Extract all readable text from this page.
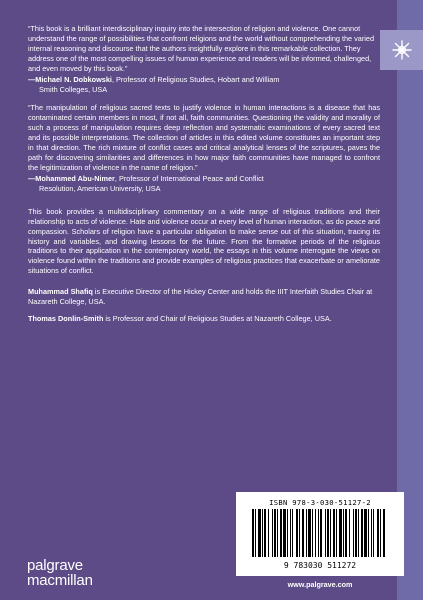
“This book is a brilliant interdisciplinary inquiry into the intersection of religion and violence. One cannot understand the range of possibilities that confront religions and the world without comprehending the varied internal reasoning and discourse that the authors insightfully explore in this remarkable collection. They address one of the most compelling issues of human experience and readers will be informed, challenged, and even moved by this book.”

—Michael N. Dobkowski, Professor of Religious Studies, Hobart and William
Smith Colleges, USA

“The manipulation of religious sacred texts to justify violence in human interactions is a disease that has contaminated certain members in most, if not all, faith communities. Questioning the validity and morality of such a process of manipulation requires deep reflection and systematic examinations of every sacred text and its possible interpretations. The collection of articles in this edited volume constitutes an important step in that direction. The rich mixture of conflict cases and critical analytical lenses of the scriptures, paves the path for discovering similarities and differences in how major faith communities have managed to confront the legitimization of violence in the name of religion.”

—Mohammed Abu-Nimer, Professor of International Peace and Conflict
Resolution, American University, USA

This book provides a multidisciplinary commentary on a wide range of religious traditions and their relationship to acts of violence. Hate and violence occur at every level of human interaction, as do peace and compassion. Scholars of religion have a particular obligation to make sense out of this situation, tracing its history and variables, and drawing lessons for the future. From the formative periods of the religious traditions to their application in the contemporary world, the essays in this volume interrogate the views on violence found within the traditions and provide examples of religious practices that exacerbate or ameliorate situations of conflict.

Muhammad Shafiq is Executive Director of the Hickey Center and holds the IIIT Interfaith Studies Chair at Nazareth College, USA.

Thomas Donlin-Smith is Professor and Chair of Religious Studies at Nazareth College, USA.

ISBN 978-3-030-51127-2
9 783030 511272
www.palgrave.com
palgrave
macmillan
